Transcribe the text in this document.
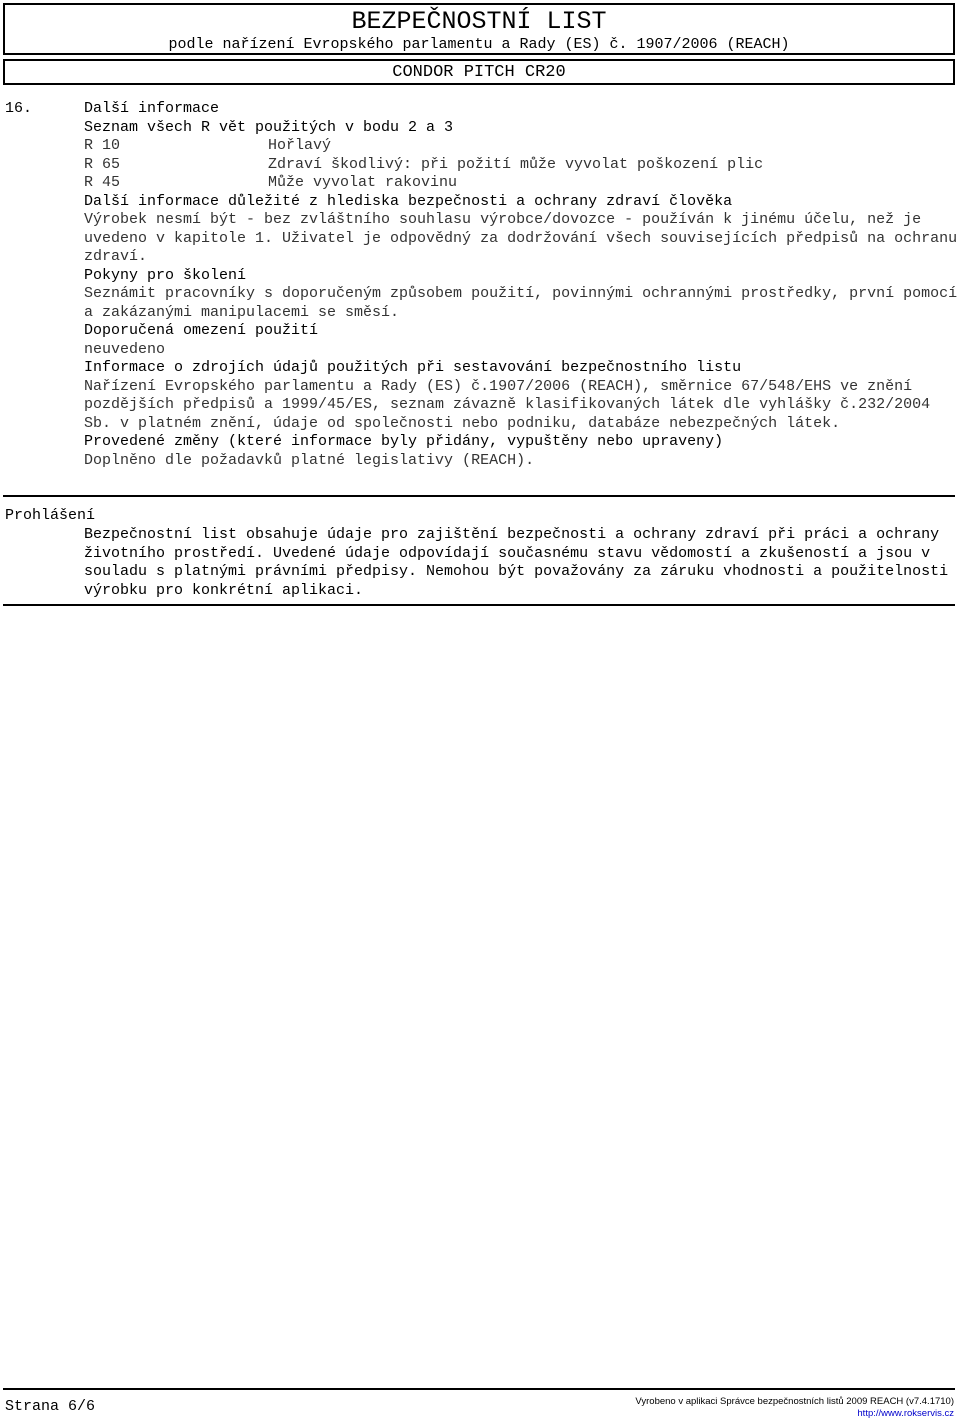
BEZPEČNOSTNÍ LIST
podle nařízení Evropského parlamentu a Rady (ES) č. 1907/2006 (REACH)
CONDOR PITCH CR20
16.	Další informace
Seznam všech R vět použitých v bodu 2 a 3
R 10	Hořlavý
R 65	Zdraví škodlivý: při požití může vyvolat poškození plic
R 45	Může vyvolat rakovinu
Další informace důležité z hlediska bezpečnosti a ochrany zdraví člověka
Výrobek nesmí být - bez zvláštního souhlasu výrobce/dovozce - používán k jinému účelu, než je uvedeno v kapitole 1. Uživatel je odpovědný za dodržování všech souvisejících předpisů na ochranu zdraví.
Pokyny pro školení
Seznámit pracovníky s doporučeným způsobem použití, povinnými ochrannými prostředky, první pomocí a zakázanými manipulacemi se směsí.
Doporučená omezení použití
neuvedeno
Informace o zdrojích údajů použitých při sestavování bezpečnostního listu
Nařízení Evropského parlamentu a Rady (ES) č.1907/2006 (REACH), směrnice 67/548/EHS ve znění pozdějších předpisů a 1999/45/ES, seznam závazně klasifikovaných látek dle vyhlášky č.232/2004 Sb. v platném znění, údaje od společnosti nebo podniku, databáze nebezpečných látek.
Provedené změny (které informace byly přidány, vypuštěny nebo upraveny)
Doplněno dle požadavků platné legislativy (REACH).
Prohlášení
Bezpečnostní list obsahuje údaje pro zajištění bezpečnosti a ochrany zdraví při práci a ochrany životního prostředí. Uvedené údaje odpovídají současnému stavu vědomostí a zkušeností a jsou v souladu s platnými právními předpisy. Nemohou být považovány za záruku vhodnosti a použitelnosti výrobku pro konkrétní aplikaci.
Strana 6/6	Vyrobeno v aplikaci Správce bezpečnostních listů 2009 REACH (v7.4.1710)
http://www.rokservis.cz
